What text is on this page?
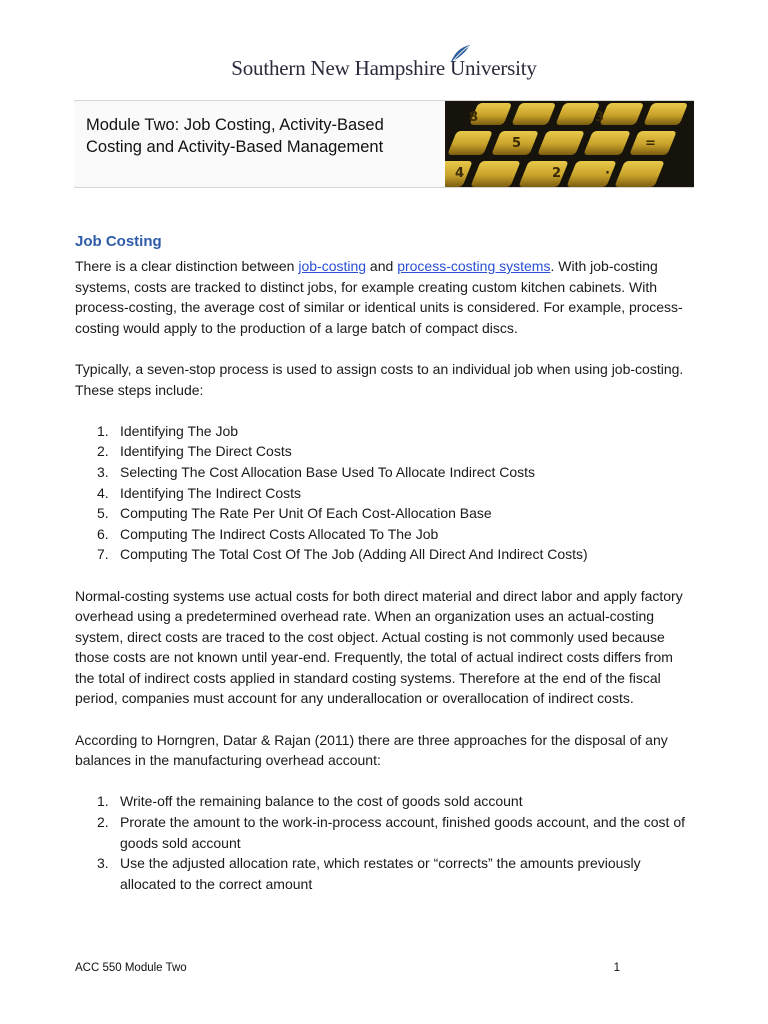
Southern New Hampshire University
Module Two: Job Costing, Activity-Based
Costing and Activity-Based Management
8
5
3
2
4
=
·
Job Costing

There is a clear distinction between job-costing and process-costing systems. With job-costing systems, costs are tracked to distinct jobs, for example creating custom kitchen cabinets. With process-costing, the average cost of similar or identical units is considered. For example, process-costing would apply to the production of a large batch of compact discs.

Typically, a seven-stop process is used to assign costs to an individual job when using job-costing. These steps include:

1. Identifying The Job
2. Identifying The Direct Costs
3. Selecting The Cost Allocation Base Used To Allocate Indirect Costs
4. Identifying The Indirect Costs
5. Computing The Rate Per Unit Of Each Cost-Allocation Base
6. Computing The Indirect Costs Allocated To The Job
7. Computing The Total Cost Of The Job (Adding All Direct And Indirect Costs)

Normal-costing systems use actual costs for both direct material and direct labor and apply factory overhead using a predetermined overhead rate. When an organization uses an actual-costing system, direct costs are traced to the cost object. Actual costing is not commonly used because those costs are not known until year-end. Frequently, the total of actual indirect costs differs from the total of indirect costs applied in standard costing systems. Therefore at the end of the fiscal period, companies must account for any underallocation or overallocation of indirect costs.

According to Horngren, Datar & Rajan (2011) there are three approaches for the disposal of any balances in the manufacturing overhead account:

1. Write-off the remaining balance to the cost of goods sold account
2. Prorate the amount to the work-in-process account, finished goods account, and the cost of goods sold account
3. Use the adjusted allocation rate, which restates or “corrects” the amounts previously allocated to the correct amount
ACC 550 Module Two	1
